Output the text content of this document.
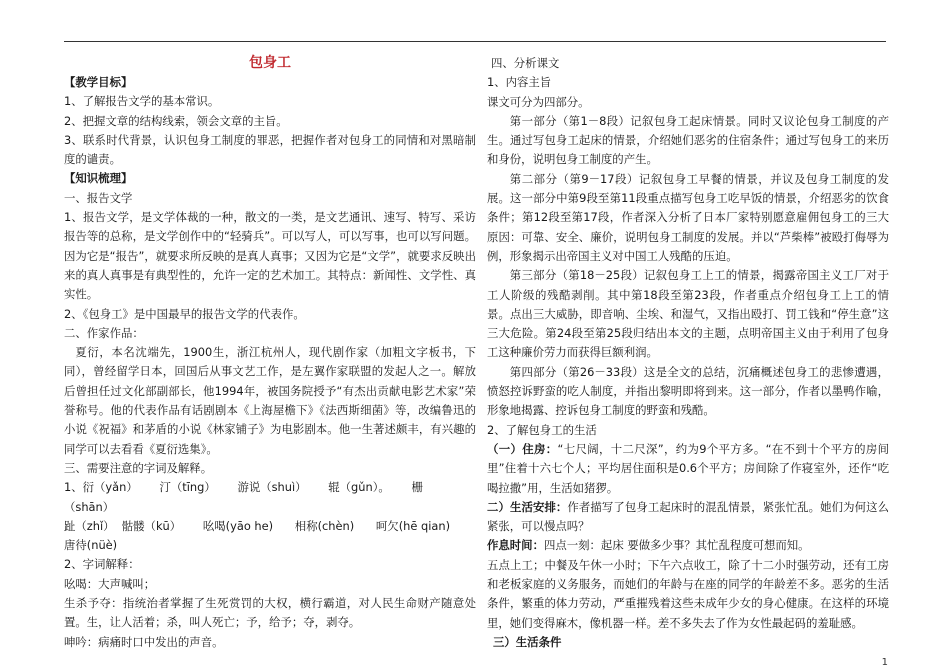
包身工

【教学目标】

1、了解报告文学的基本常识。

2、把握文章的结构线索，领会文章的主旨。

3、联系时代背景，认识包身工制度的罪恶，把握作者对包身工的同情和对黑暗制度的谴责。

【知识梳理】

一、报告文学

1、报告文学，是文学体裁的一种，散文的一类，是文艺通讯、速写、特写、采访报告等的总称，是文学创作中的“轻骑兵”。可以写人，可以写事，也可以写问题。因为它是“报告”，就要求所反映的是真人真事；又因为它是“文学”，就要求反映出来的真人真事是有典型性的，允许一定的艺术加工。其特点：新闻性、文学性、真实性。

2、《包身工》是中国最早的报告文学的代表作。

二、作家作品：

夏衍，本名沈端先，1900生，浙江杭州人，现代剧作家（加粗文字板书，下同），曾经留学日本，回国后从事文艺工作，是左翼作家联盟的发起人之一。解放后曾担任过文化部副部长，他1994年，被国务院授予“有杰出贡献电影艺术家”荣誉称号。他的代表作品有话剧剧本《上海屋檐下》《法西斯细菌》等，改编鲁迅的小说《祝福》和茅盾的小说《林家铺子》为电影剧本。他一生著述颇丰，有兴趣的同学可以去看看《夏衍选集》。

三、需要注意的字词及解释。

1、衍（yǎn）      汀（tīng）      游说（shuì）      辊（gǔn）。      栅

（shān）

趾（zhǐ）  骷髅（kū）      吆喝(yāo he)      相称(chèn)      呵欠(hē qian)

唐待(nüè)

2、字词解释：

吆喝：大声喊叫；

生杀予夺：指统治者掌握了生死赏罚的大权，横行霸道，对人民生命财产随意处置。生，让人活着；杀，叫人死亡；予，给予；夺，剥夺。

呻吟：病痛时口中发出的声音。

四、分析课文

1、内容主旨

课文可分为四部分。

第一部分（第1－8段）记叙包身工起床情景。同时又议论包身工制度的产生。通过写包身工起床的情景，介绍她们恶劣的住宿条件；通过写包身工的来历和身份，说明包身工制度的产生。

第二部分（第9－17段）记叙包身工早餐的情景，并议及包身工制度的发展。这一部分中第9段至第11段重点描写包身工吃早饭的情景，介绍恶劣的饮食条件；第12段至第17段，作者深入分析了日本厂家特别愿意雇佣包身工的三大原因：可靠、安全、廉价，说明包身工制度的发展。并以“芦柴棒”被殴打侮辱为例，形象揭示出帝国主义对中国工人残酷的压迫。

第三部分（第18－25段）记叙包身工上工的情景，揭露帝国主义工厂对于工人阶级的残酷剥削。其中第18段至第23段，作者重点介绍包身工上工的情景。点出三大威胁，即音响、尘埃、和湿气，又指出殴打、罚工钱和“停生意”这三大危险。第24段至第25段归结出本文的主题，点明帝国主义由于利用了包身工这种廉价劳力而获得巨额利润。

第四部分（第26－33段）这是全文的总结，沉痛概述包身工的悲惨遭遇，愤怒控诉野蛮的吃人制度，并指出黎明即将到来。这一部分，作者以墨鸭作喻，形象地揭露、控诉包身工制度的野蛮和残酷。

2、了解包身工的生活

（一）住房：“七尺阔，十二尺深”，约为9个平方多。“在不到十个平方的房间里”住着十六七个人；平均居住面积是0.6个平方；房间除了作寝室外，还作“吃喝拉撒”用，生活如猪猡。

二）生活安排：作者描写了包身工起床时的混乱情景，紧张忙乱。她们为何这么紧张，可以慢点吗？

作息时间：四点一刻：起床 要做多少事？其忙乱程度可想而知。

五点上工；中餐及午休一小时；下午六点收工，除了十二小时强劳动，还有工房和老板家庭的义务服务，而她们的年龄与在座的同学的年龄差不多。恶劣的生活条件，繁重的体力劳动，严重摧残着这些未成年少女的身心健康。在这样的环境里，她们变得麻木，像机器一样。差不多失去了作为女性最起码的羞耻感。

三）生活条件

1
